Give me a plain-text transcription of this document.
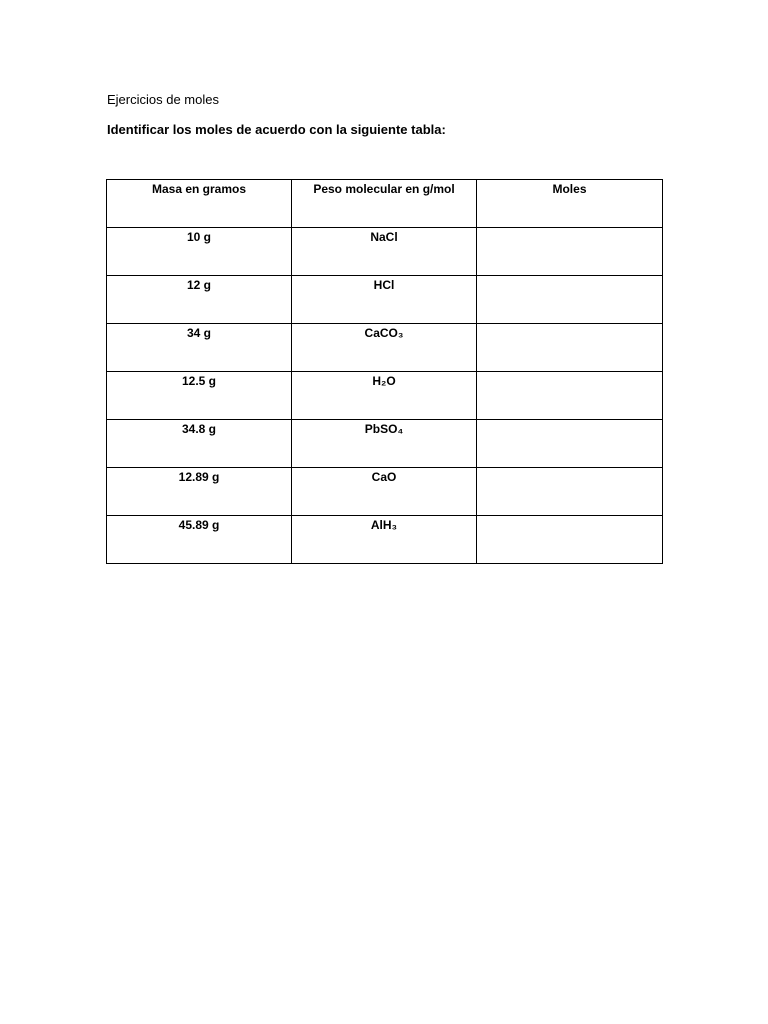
Ejercicios de moles
Identificar los moles de acuerdo con la siguiente tabla:
Masa en gramos	Peso molecular en g/mol	Moles

10 g	NaCl	

12 g	HCl	

34 g	CaCO₃	

12.5 g	H₂O	

34.8 g	PbSO₄	

12.89 g	CaO	

45.89 g	AlH₃	
